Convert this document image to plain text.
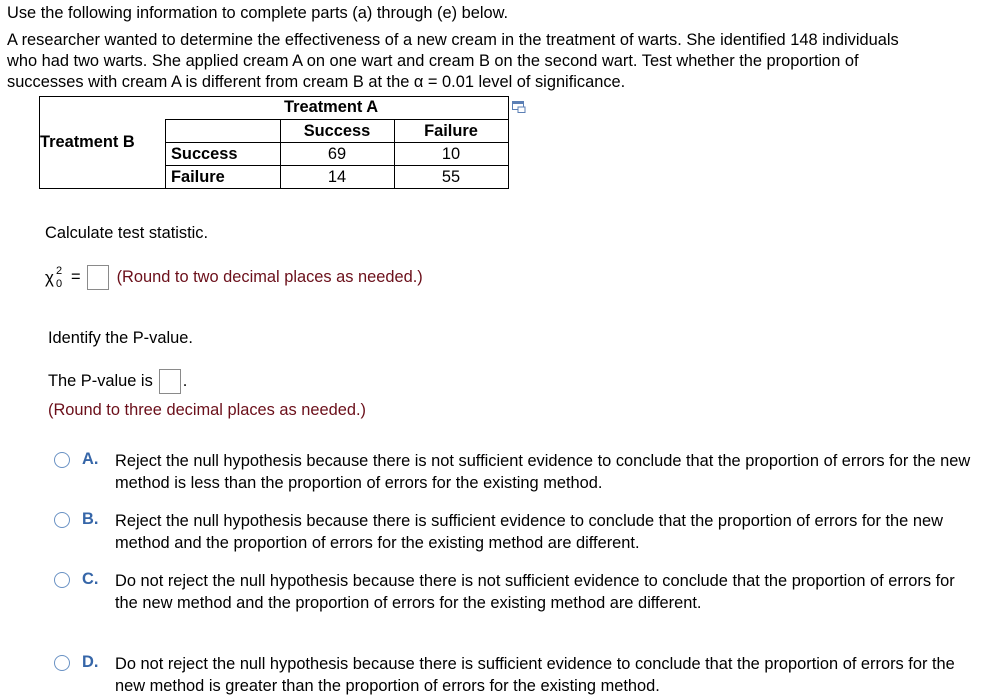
Use the following information to complete parts (a) through (e) below.
A researcher wanted to determine the effectiveness of a new cream in the treatment of warts. She identified 148 individuals
who had two warts. She applied cream A on one wart and cream B on the second wart. Test whether the proportion of
successes with cream A is different from cream B at the α = 0.01 level of significance.
Treatment A
Treatment B
Success	Failure
Success	69	10
Failure	14	55
Calculate test statistic.
χ 2
0 = (Round to two decimal places as needed.)
Identify the P-value.
The P-value is .
(Round to three decimal places as needed.)
A. Reject the null hypothesis because there is not sufficient evidence to conclude that the proportion of errors for the new method is less than the proportion of errors for the existing method.
B. Reject the null hypothesis because there is sufficient evidence to conclude that the proportion of errors for the new method and the proportion of errors for the existing method are different.
C. Do not reject the null hypothesis because there is not sufficient evidence to conclude that the proportion of errors for the new method and the proportion of errors for the existing method are different.
D. Do not reject the null hypothesis because there is sufficient evidence to conclude that the proportion of errors for the new method is greater than the proportion of errors for the existing method.
